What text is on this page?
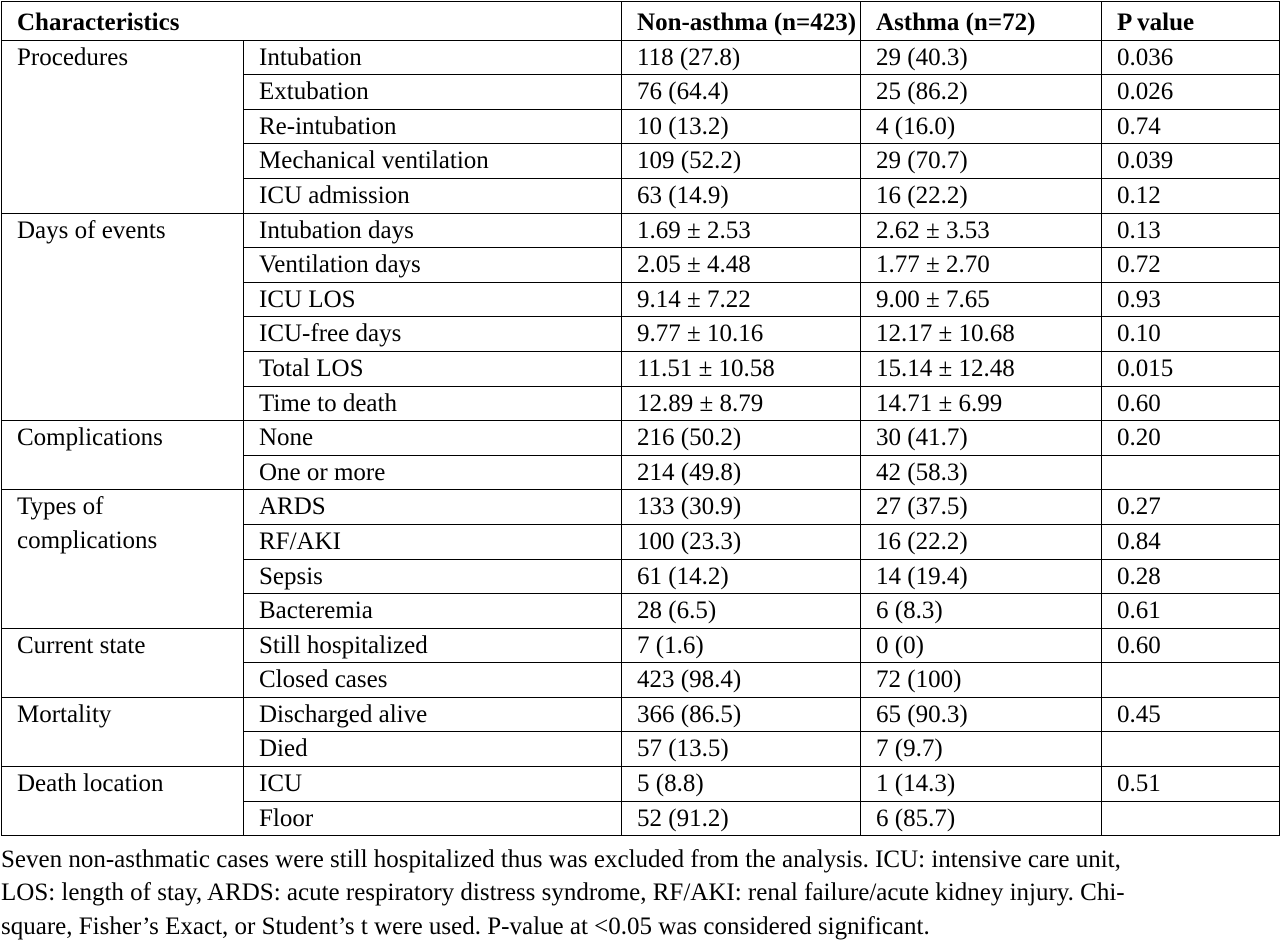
Characteristics		Non-asthma (n=423)	Asthma (n=72)	P value
Procedures	Intubation	118 (27.8)	29 (40.3)	0.036
	Extubation	76 (64.4)	25 (86.2)	0.026
	Re-intubation	10 (13.2)	4 (16.0)	0.74
	Mechanical ventilation	109 (52.2)	29 (70.7)	0.039
	ICU admission	63 (14.9)	16 (22.2)	0.12
Days of events	Intubation days	1.69 ± 2.53	2.62 ± 3.53	0.13
	Ventilation days	2.05 ± 4.48	1.77 ± 2.70	0.72
	ICU LOS	9.14 ± 7.22	9.00 ± 7.65	0.93
	ICU-free days	9.77 ± 10.16	12.17 ± 10.68	0.10
	Total LOS	11.51 ± 10.58	15.14 ± 12.48	0.015
	Time to death	12.89 ± 8.79	14.71 ± 6.99	0.60
Complications	None	216 (50.2)	30 (41.7)	0.20
	One or more	214 (49.8)	42 (58.3)	
Types of complications	ARDS	133 (30.9)	27 (37.5)	0.27
	RF/AKI	100 (23.3)	16 (22.2)	0.84
	Sepsis	61 (14.2)	14 (19.4)	0.28
	Bacteremia	28 (6.5)	6 (8.3)	0.61
Current state	Still hospitalized	7 (1.6)	0 (0)	0.60
	Closed cases	423 (98.4)	72 (100)	
Mortality	Discharged alive	366 (86.5)	65 (90.3)	0.45
	Died	57 (13.5)	7 (9.7)	
Death location	ICU	5 (8.8)	1 (14.3)	0.51
	Floor	52 (91.2)	6 (85.7)	
Seven non-asthmatic cases were still hospitalized thus was excluded from the analysis. ICU: intensive care unit,
LOS: length of stay, ARDS: acute respiratory distress syndrome, RF/AKI: renal failure/acute kidney injury. Chi-
square, Fisher’s Exact, or Student’s t were used. P-value at <0.05 was considered significant.
